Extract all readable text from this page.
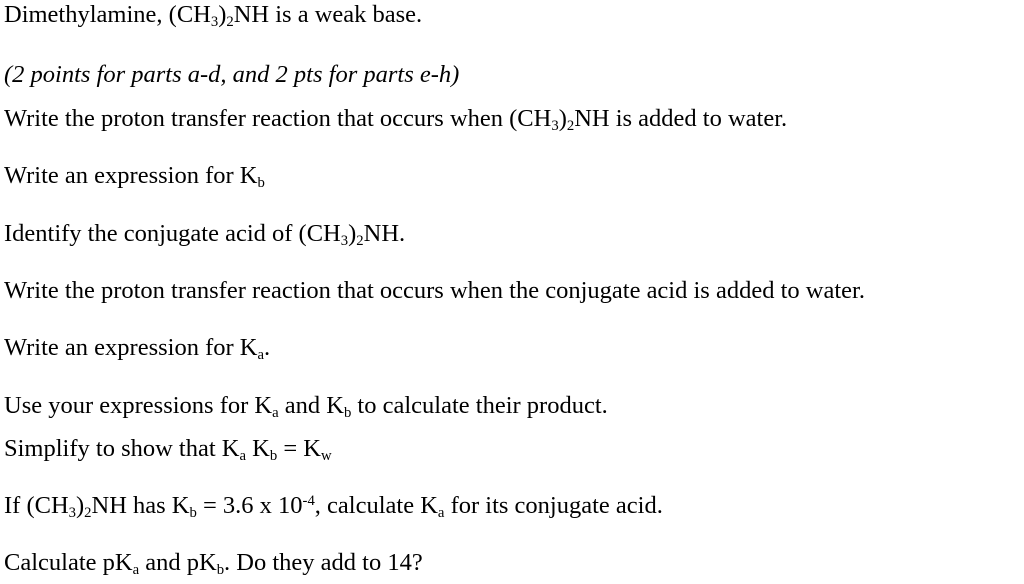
Dimethylamine, $(CH_3)_2NH$ is a weak base.
(2 points for parts a-d, and 2 pts for parts e-h)
Write the proton transfer reaction that occurs when $(CH_3)_2NH$ is added to water.
Write an expression for $K_b$
Identify the conjugate acid of $(CH_3)_2NH$.
Write the proton transfer reaction that occurs when the conjugate acid is added to water.
Write an expression for $K_a$.
Use your expressions for $K_a$ and $K_b$ to calculate their product.
Simplify to show that $K_a$ $K_b = K_w$
If $(CH_3)_2NH$ has $K_b = 3.6$ x $10^{-4}$, calculate $K_a$ for its conjugate acid.
Calculate $pK_a$ and $pK_b$. Do they add to 14?
